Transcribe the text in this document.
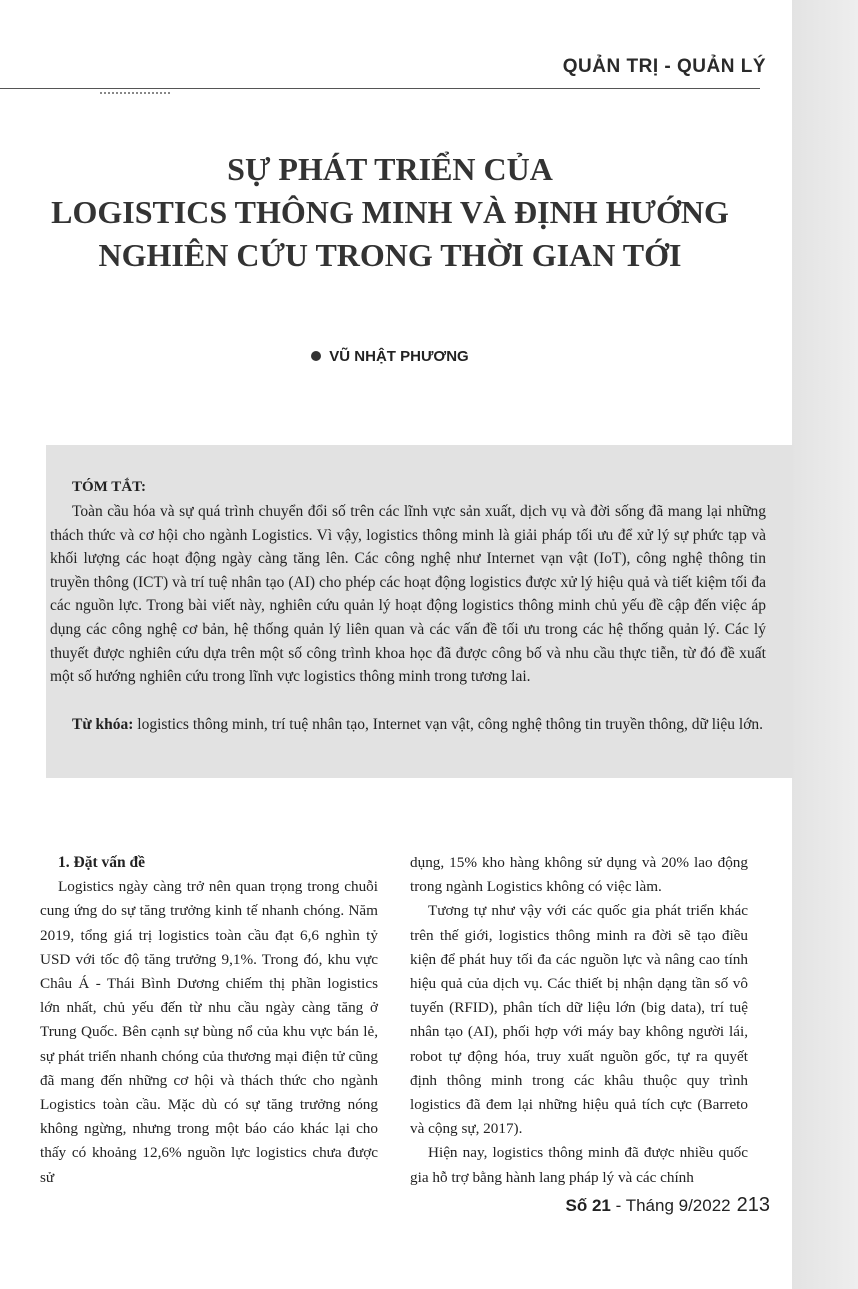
QUẢN TRỊ - QUẢN LÝ
SỰ PHÁT TRIỂN CỦA
LOGISTICS THÔNG MINH VÀ ĐỊNH HƯỚNG
NGHIÊN CỨU TRONG THỜI GIAN TỚI
VŨ NHẬT PHƯƠNG
TÓM TẮT:

Toàn cầu hóa và sự quá trình chuyển đổi số trên các lĩnh vực sản xuất, dịch vụ và đời sống đã mang lại những thách thức và cơ hội cho ngành Logistics. Vì vậy, logistics thông minh là giải pháp tối ưu để xử lý sự phức tạp và khối lượng các hoạt động ngày càng tăng lên. Các công nghệ như Internet vạn vật (IoT), công nghệ thông tin truyền thông (ICT) và trí tuệ nhân tạo (AI) cho phép các hoạt động logistics được xử lý hiệu quả và tiết kiệm tối đa các nguồn lực. Trong bài viết này, nghiên cứu quản lý hoạt động logistics thông minh chủ yếu đề cập đến việc áp dụng các công nghệ cơ bản, hệ thống quản lý liên quan và các vấn đề tối ưu trong các hệ thống quản lý. Các lý thuyết được nghiên cứu dựa trên một số công trình khoa học đã được công bố và nhu cầu thực tiễn, từ đó đề xuất một số hướng nghiên cứu trong lĩnh vực logistics thông minh trong tương lai.

Từ khóa: logistics thông minh, trí tuệ nhân tạo, Internet vạn vật, công nghệ thông tin truyền thông, dữ liệu lớn.

1. Đặt vấn đề

Logistics ngày càng trở nên quan trọng trong chuỗi cung ứng do sự tăng trưởng kinh tế nhanh chóng. Năm 2019, tổng giá trị logistics toàn cầu đạt 6,6 nghìn tỷ USD với tốc độ tăng trưởng 9,1%. Trong đó, khu vực Châu Á - Thái Bình Dương chiếm thị phần logistics lớn nhất, chủ yếu đến từ nhu cầu ngày càng tăng ở Trung Quốc. Bên cạnh sự bùng nổ của khu vực bán lẻ, sự phát triển nhanh chóng của thương mại điện tử cũng đã mang đến những cơ hội và thách thức cho ngành Logistics toàn cầu. Mặc dù có sự tăng trưởng nóng không ngừng, nhưng trong một báo cáo khác lại cho thấy có khoảng 12,6% nguồn lực logistics chưa được sử

dụng, 15% kho hàng không sử dụng và 20% lao động trong ngành Logistics không có việc làm.

Tương tự như vậy với các quốc gia phát triển khác trên thế giới, logistics thông minh ra đời sẽ tạo điều kiện để phát huy tối đa các nguồn lực và nâng cao tính hiệu quả của dịch vụ. Các thiết bị nhận dạng tần số vô tuyến (RFID), phân tích dữ liệu lớn (big data), trí tuệ nhân tạo (AI), phối hợp với máy bay không người lái, robot tự động hóa, truy xuất nguồn gốc, tự ra quyết định thông minh trong các khâu thuộc quy trình logistics đã đem lại những hiệu quả tích cực (Barreto và cộng sự, 2017).

Hiện nay, logistics thông minh đã được nhiều quốc gia hỗ trợ bằng hành lang pháp lý và các chính

Số 21 - Tháng 9/2022 213
